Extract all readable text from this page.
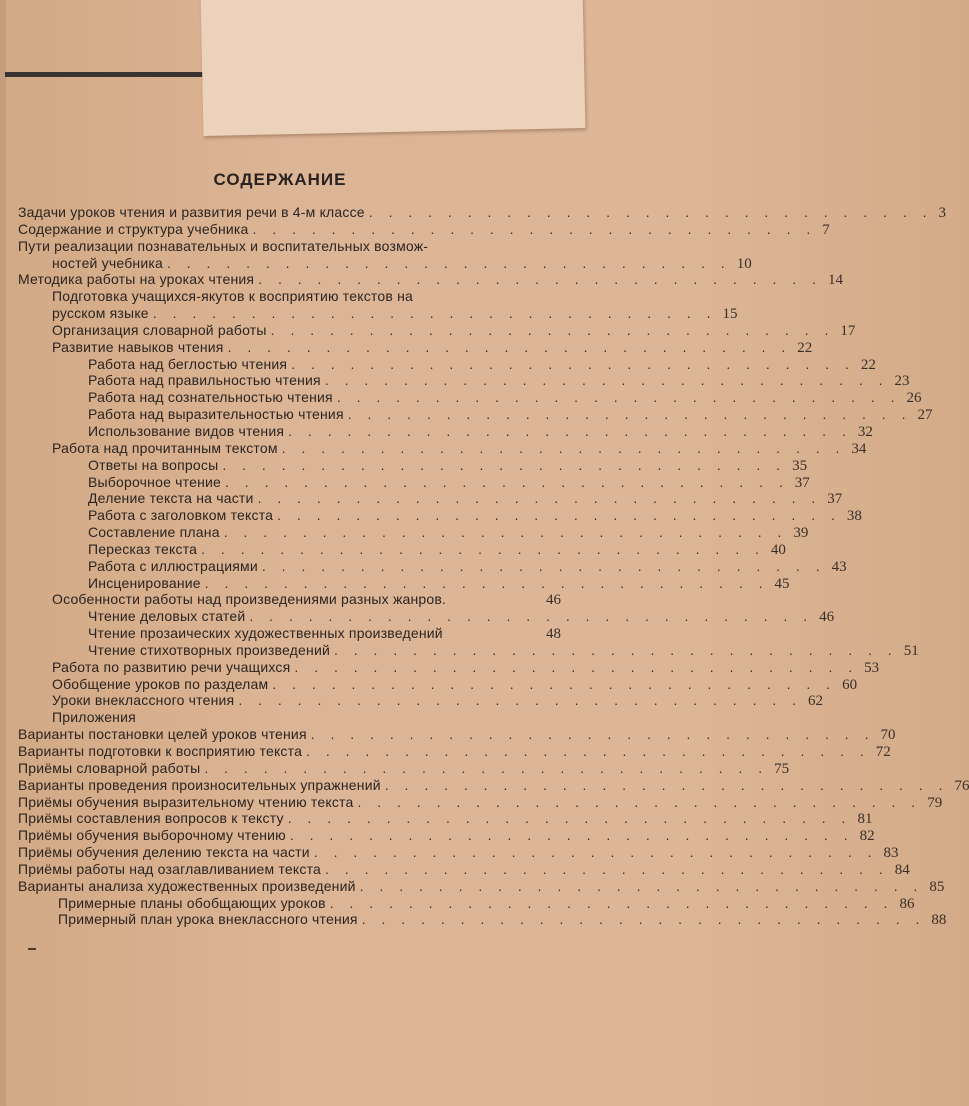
СОДЕРЖАНИЕ
Задачи уроков чтения и развития речи в 4-м классе . . . . . . . . . . . . . . . . . . . . . . . . . . . . . 3
Содержание и структура учебника . . . . . . . . . . . . . . . . . . . . . . . . . . . . . 7
Пути реализации познавательных и воспитательных возмож-
ностей учебника . . . . . . . . . . . . . . . . . . . . . . . . . . . . . 10
Методика работы на уроках чтения . . . . . . . . . . . . . . . . . . . . . . . . . . . . . 14
Подготовка учащихся-якутов к восприятию текстов на
русском языке . . . . . . . . . . . . . . . . . . . . . . . . . . . . . 15
Организация словарной работы . . . . . . . . . . . . . . . . . . . . . . . . . . . . . 17
Развитие навыков чтения . . . . . . . . . . . . . . . . . . . . . . . . . . . . . 22
Работа над беглостью чтения . . . . . . . . . . . . . . . . . . . . . . . . . . . . . 22
Работа над правильностью чтения . . . . . . . . . . . . . . . . . . . . . . . . . . . . . 23
Работа над сознательностью чтения . . . . . . . . . . . . . . . . . . . . . . . . . . . . . 26
Работа над выразительностью чтения . . . . . . . . . . . . . . . . . . . . . . . . . . . . . 27
Использование видов чтения . . . . . . . . . . . . . . . . . . . . . . . . . . . . . 32
Работа над прочитанным текстом . . . . . . . . . . . . . . . . . . . . . . . . . . . . . 34
Ответы на вопросы . . . . . . . . . . . . . . . . . . . . . . . . . . . . . 35
Выборочное чтение . . . . . . . . . . . . . . . . . . . . . . . . . . . . . 37
Деление текста на части . . . . . . . . . . . . . . . . . . . . . . . . . . . . . 37
Работа с заголовком текста . . . . . . . . . . . . . . . . . . . . . . . . . . . . . 38
Составление плана . . . . . . . . . . . . . . . . . . . . . . . . . . . . . 39
Пересказ текста . . . . . . . . . . . . . . . . . . . . . . . . . . . . . 40
Работа с иллюстрациями . . . . . . . . . . . . . . . . . . . . . . . . . . . . . 43
Инсценирование . . . . . . . . . . . . . . . . . . . . . . . . . . . . . 45
Особенности работы над произведениями разных жанров.	46
Чтение деловых статей . . . . . . . . . . . . . . . . . . . . . . . . . . . . . 46
Чтение прозаических художественных произведений	48
Чтение стихотворных произведений . . . . . . . . . . . . . . . . . . . . . . . . . . . . . 51
Работа по развитию речи учащихся . . . . . . . . . . . . . . . . . . . . . . . . . . . . . 53
Обобщение уроков по разделам . . . . . . . . . . . . . . . . . . . . . . . . . . . . . 60
Уроки внеклассного чтения . . . . . . . . . . . . . . . . . . . . . . . . . . . . . 62
Приложения
Варианты постановки целей уроков чтения . . . . . . . . . . . . . . . . . . . . . . . . . . . . . 70
Варианты подготовки к восприятию текста . . . . . . . . . . . . . . . . . . . . . . . . . . . . . 72
Приёмы словарной работы . . . . . . . . . . . . . . . . . . . . . . . . . . . . . 75
Варианты проведения произносительных упражнений . . . . . . . . . . . . . . . . . . . . . . . . . . . . . 76
Приёмы обучения выразительному чтению текста . . . . . . . . . . . . . . . . . . . . . . . . . . . . . 79
Приёмы составления вопросов к тексту . . . . . . . . . . . . . . . . . . . . . . . . . . . . . 81
Приёмы обучения выборочному чтению . . . . . . . . . . . . . . . . . . . . . . . . . . . . . 82
Приёмы обучения делению текста на части . . . . . . . . . . . . . . . . . . . . . . . . . . . . . 83
Приёмы работы над озаглавливанием текста . . . . . . . . . . . . . . . . . . . . . . . . . . . . . 84
Варианты анализа художественных произведений . . . . . . . . . . . . . . . . . . . . . . . . . . . . . 85
Примерные планы обобщающих уроков . . . . . . . . . . . . . . . . . . . . . . . . . . . . . 86
Примерный план урока внеклассного чтения . . . . . . . . . . . . . . . . . . . . . . . . . . . . . 88
